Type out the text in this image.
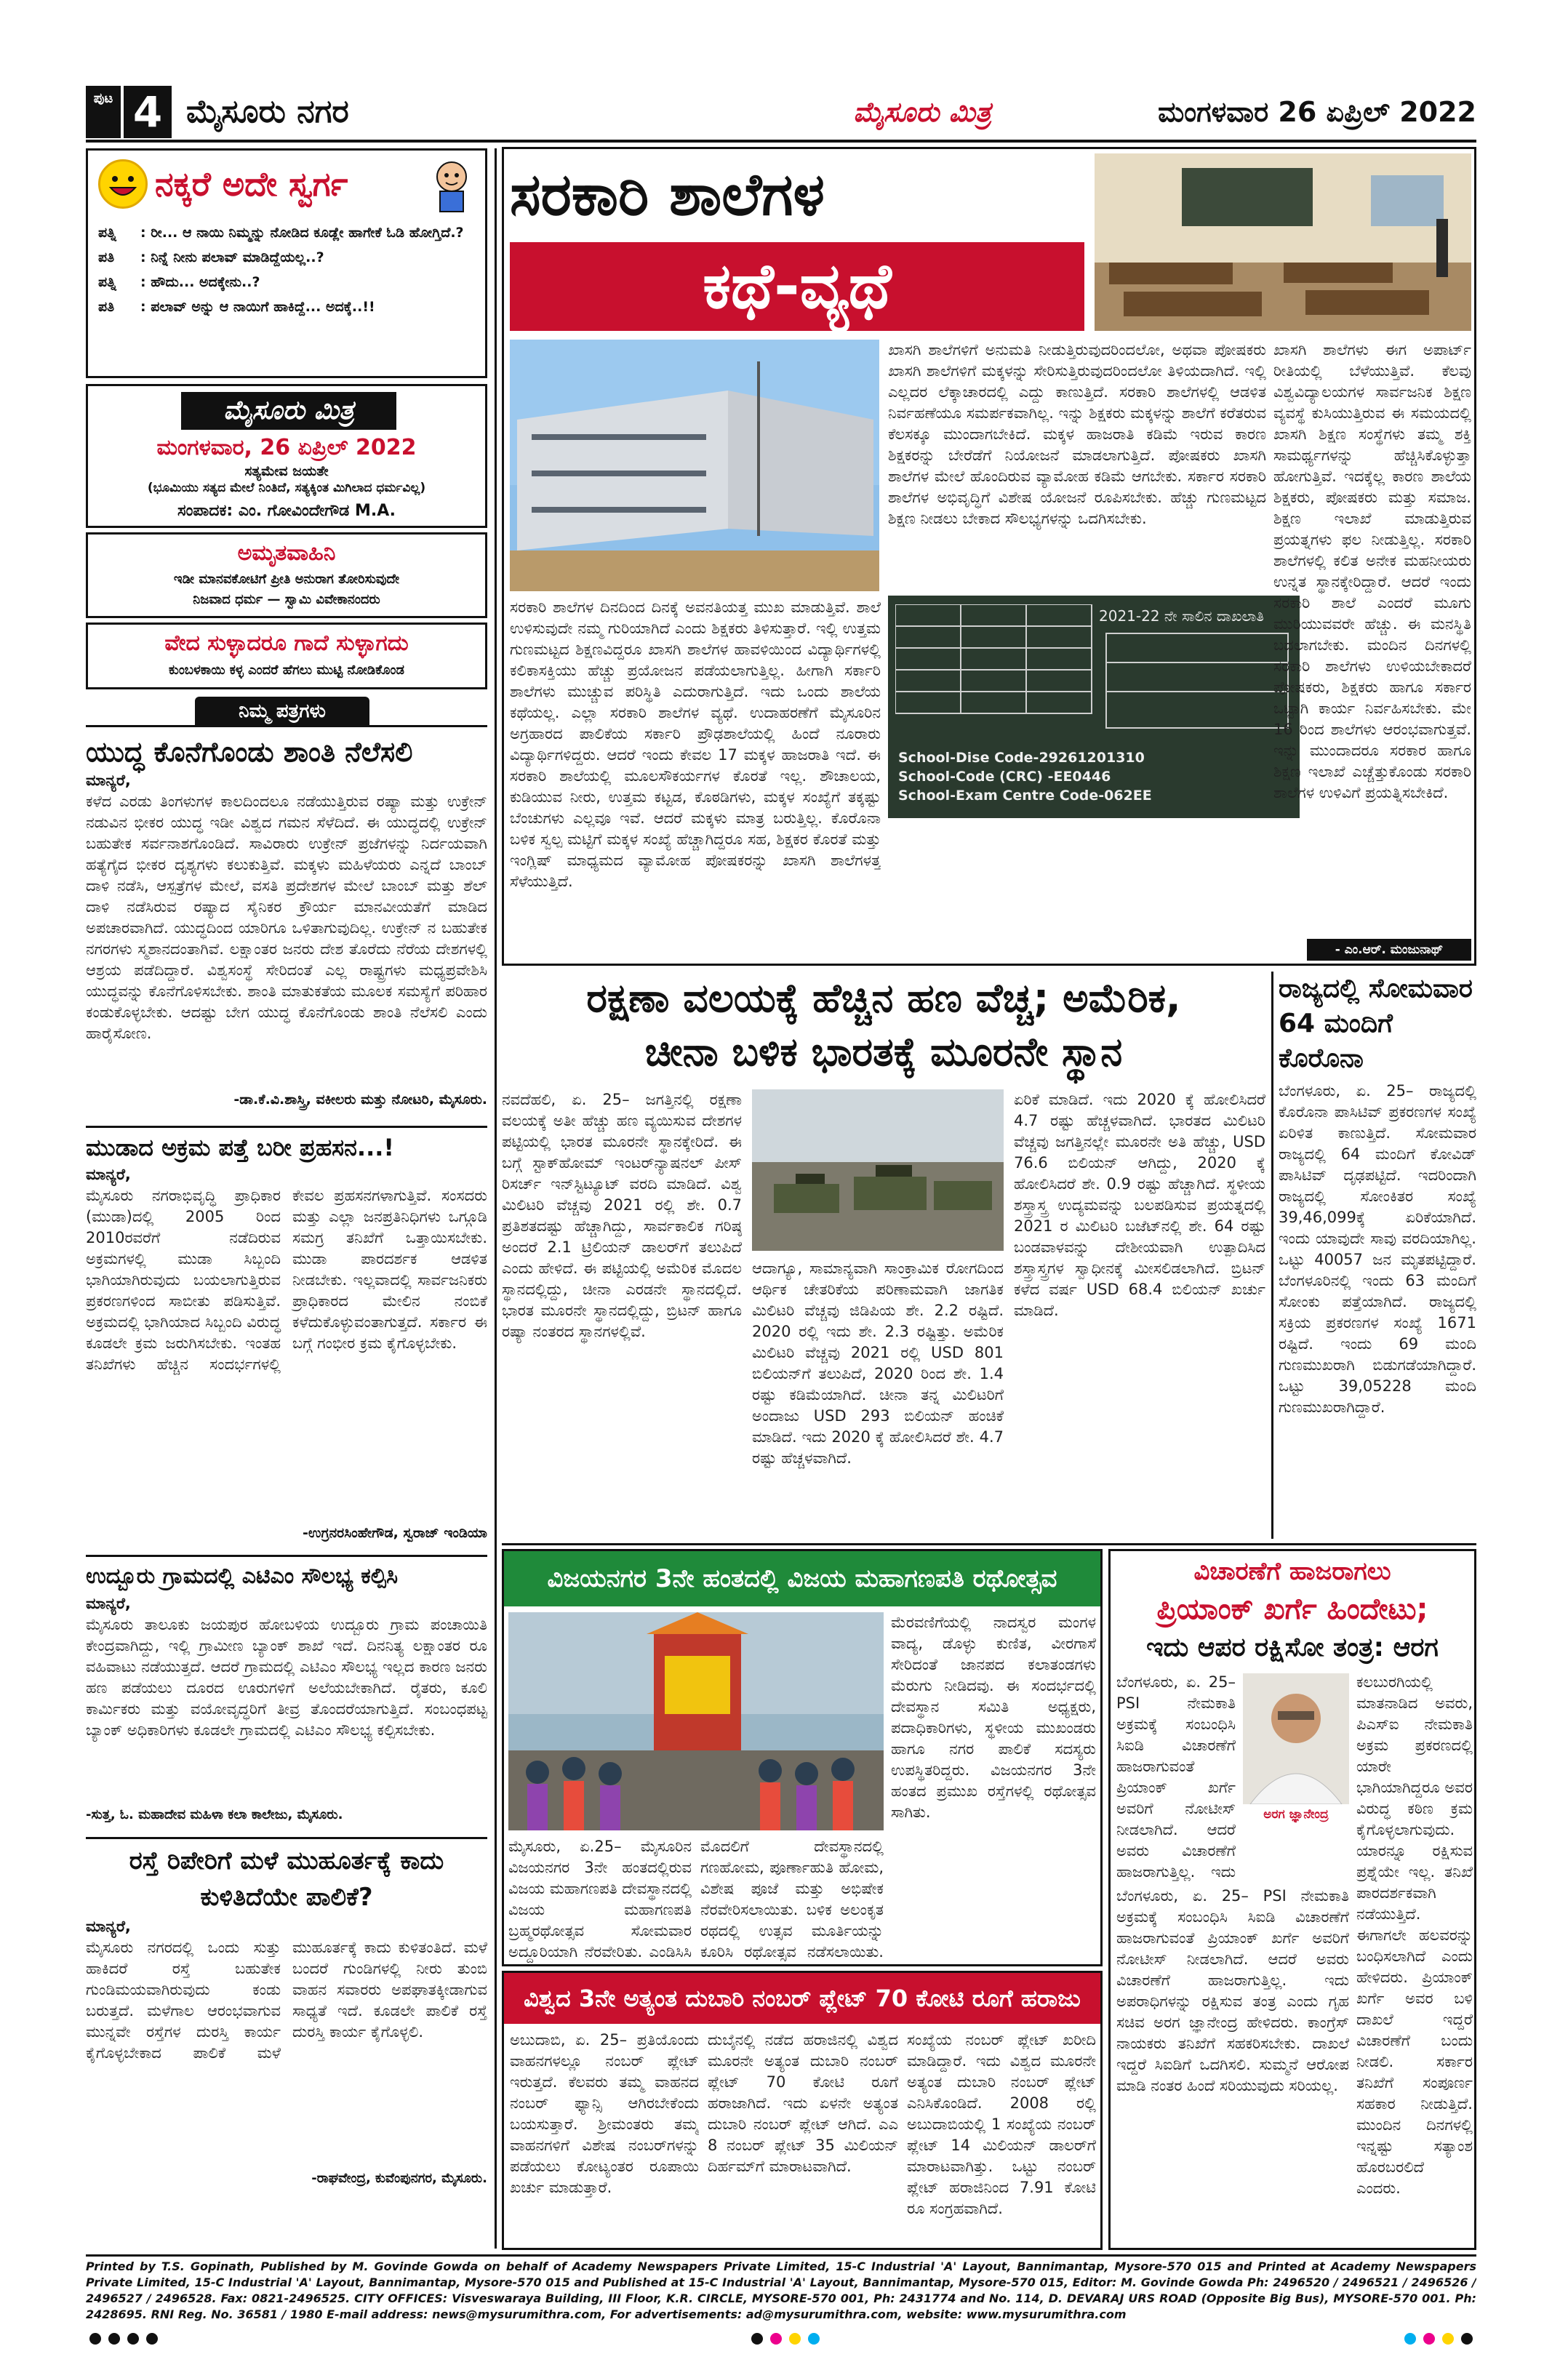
ಪುಟ 4 ಮೈಸೂರು ನಗರ	ಮೈಸೂರು ಮಿತ್ರ	ಮಂಗಳವಾರ 26 ಏಪ್ರಿಲ್ 2022
ನಕ್ಕರೆ ಅದೇ ಸ್ವರ್ಗ
ಪತ್ನಿ : ರೀ... ಆ ನಾಯಿ ನಿಮ್ಮನ್ನು ನೋಡಿದ ಕೂಡ್ಲೇ ಹಾಗೇಕೆ ಓಡಿ ಹೋಗ್ತಿದೆ.?
ಪತಿ : ನಿನ್ನೆ ನೀನು ಪಲಾವ್ ಮಾಡಿದ್ದೆಯಲ್ಲ..?
ಪತ್ನಿ : ಹೌದು... ಅದಕ್ಕೇನು..?
ಪತಿ : ಪಲಾವ್ ಅನ್ನು ಆ ನಾಯಿಗೆ ಹಾಕಿದ್ದೆ... ಅದಕ್ಕೆ..!!
ಮೈಸೂರು ಮಿತ್ರ
ಮಂಗಳವಾರ, 26 ಏಪ್ರಿಲ್ 2022
ಸತ್ಯಮೇವ ಜಯತೇ
(ಭೂಮಿಯು ಸತ್ಯದ ಮೇಲೆ ನಿಂತಿದೆ, ಸತ್ಯಕ್ಕಿಂತ ಮಿಗಿಲಾದ ಧರ್ಮವಿಲ್ಲ)
ಸಂಪಾದಕ: ಎಂ. ಗೋವಿಂದೇಗೌಡ M.A.
ಅಮೃತವಾಹಿನಿ
ಇಡೀ ಮಾನವಕೋಟಿಗೆ ಪ್ರೀತಿ ಅನುರಾಗ ತೋರಿಸುವುದೇ
ನಿಜವಾದ ಧರ್ಮ — ಸ್ವಾಮಿ ವಿವೇಕಾನಂದರು
ವೇದ ಸುಳ್ಳಾದರೂ ಗಾದೆ ಸುಳ್ಳಾಗದು
ಕುಂಬಳಕಾಯಿ ಕಳ್ಳ ಎಂದರೆ ಹೆಗಲು ಮುಟ್ಟಿ ನೋಡಿಕೊಂಡ
ನಿಮ್ಮ ಪತ್ರಗಳು
ಯುದ್ಧ ಕೊನೆಗೊಂಡು ಶಾಂತಿ ನೆಲೆಸಲಿ
ಮಾನ್ಯರೆ,
ಕಳೆದ ಎರಡು ತಿಂಗಳುಗಳ ಕಾಲದಿಂದಲೂ ನಡೆಯುತ್ತಿರುವ ರಷ್ಯಾ ಮತ್ತು ಉಕ್ರೇನ್ ನಡುವಿನ ಭೀಕರ ಯುದ್ಧ ಇಡೀ ವಿಶ್ವದ ಗಮನ ಸೆಳೆದಿದೆ. ಈ ಯುದ್ಧದಲ್ಲಿ ಉಕ್ರೇನ್ ಬಹುತೇಕ ಸರ್ವನಾಶಗೊಂಡಿದೆ. ಸಾವಿರಾರು ಉಕ್ರೇನ್ ಪ್ರಜೆಗಳನ್ನು ನಿರ್ದಯವಾಗಿ ಹತ್ಯೆಗೈದ ಭೀಕರ ದೃಶ್ಯಗಳು ಕಲುಕುತ್ತಿವೆ. ಮಕ್ಕಳು ಮಹಿಳೆಯರು ಎನ್ನದೆ ಬಾಂಬ್ ದಾಳಿ ನಡೆಸಿ, ಆಸ್ಪತ್ರೆಗಳ ಮೇಲೆ, ವಸತಿ ಪ್ರದೇಶಗಳ ಮೇಲೆ ಬಾಂಬ್ ಮತ್ತು ಶೆಲ್ ದಾಳಿ ನಡೆಸಿರುವ ರಷ್ಯಾದ ಸೈನಿಕರ ಕ್ರೌರ್ಯ ಮಾನವೀಯತೆಗೆ ಮಾಡಿದ ಅಪಚಾರವಾಗಿದೆ. ಯುದ್ಧದಿಂದ ಯಾರಿಗೂ ಒಳಿತಾಗುವುದಿಲ್ಲ. ಉಕ್ರೇನ್ ನ ಬಹುತೇಕ ನಗರಗಳು ಸ್ಮಶಾನದಂತಾಗಿವೆ. ಲಕ್ಷಾಂತರ ಜನರು ದೇಶ ತೊರೆದು ನೆರೆಯ ದೇಶಗಳಲ್ಲಿ ಆಶ್ರಯ ಪಡೆದಿದ್ದಾರೆ. ವಿಶ್ವಸಂಸ್ಥೆ ಸೇರಿದಂತೆ ಎಲ್ಲ ರಾಷ್ಟ್ರಗಳು ಮಧ್ಯಪ್ರವೇಶಿಸಿ ಯುದ್ಧವನ್ನು ಕೊನೆಗೊಳಿಸಬೇಕು. ಶಾಂತಿ ಮಾತುಕತೆಯ ಮೂಲಕ ಸಮಸ್ಯೆಗೆ ಪರಿಹಾರ ಕಂಡುಕೊಳ್ಳಬೇಕು. ಆದಷ್ಟು ಬೇಗ ಯುದ್ಧ ಕೊನೆಗೊಂಡು ಶಾಂತಿ ನೆಲೆಸಲಿ ಎಂದು ಹಾರೈಸೋಣ.
-ಡಾ.ಕೆ.ವಿ.ಶಾಸ್ತ್ರಿ, ವಕೀಲರು ಮತ್ತು ನೋಟರಿ, ಮೈಸೂರು.
ಮುಡಾದ ಅಕ್ರಮ ಪತ್ತೆ ಬರೀ ಪ್ರಹಸನ...!
ಮಾನ್ಯರೆ,
ಮೈಸೂರು ನಗರಾಭಿವೃದ್ಧಿ ಪ್ರಾಧಿಕಾರ (ಮುಡಾ)ದಲ್ಲಿ 2005 ರಿಂದ 2010ರವರೆಗೆ ನಡೆದಿರುವ ಅಕ್ರಮಗಳಲ್ಲಿ ಮುಡಾ ಸಿಬ್ಬಂದಿ ಭಾಗಿಯಾಗಿರುವುದು ಬಯಲಾಗುತ್ತಿರುವ ಪ್ರಕರಣಗಳಿಂದ ಸಾಬೀತು ಪಡಿಸುತ್ತಿವೆ. ಅಕ್ರಮದಲ್ಲಿ ಭಾಗಿಯಾದ ಸಿಬ್ಬಂದಿ ವಿರುದ್ಧ ಕೂಡಲೇ ಕ್ರಮ ಜರುಗಿಸಬೇಕು. ಇಂತಹ ತನಿಖೆಗಳು ಹೆಚ್ಚಿನ ಸಂದರ್ಭಗಳಲ್ಲಿ ಕೇವಲ ಪ್ರಹಸನಗಳಾಗುತ್ತಿವೆ. ಸಂಸದರು ಮತ್ತು ಎಲ್ಲಾ ಜನಪ್ರತಿನಿಧಿಗಳು ಒಗ್ಗೂಡಿ ಸಮಗ್ರ ತನಿಖೆಗೆ ಒತ್ತಾಯಿಸಬೇಕು. ಮುಡಾ ಪಾರದರ್ಶಕ ಆಡಳಿತ ನೀಡಬೇಕು. ಇಲ್ಲವಾದಲ್ಲಿ ಸಾರ್ವಜನಿಕರು ಪ್ರಾಧಿಕಾರದ ಮೇಲಿನ ನಂಬಿಕೆ ಕಳೆದುಕೊಳ್ಳುವಂತಾಗುತ್ತದೆ. ಸರ್ಕಾರ ಈ ಬಗ್ಗೆ ಗಂಭೀರ ಕ್ರಮ ಕೈಗೊಳ್ಳಬೇಕು.
-ಉಗ್ರನರಸಿಂಹೇಗೌಡ, ಸ್ವರಾಜ್ ಇಂಡಿಯಾ
ಉದ್ಬೂರು ಗ್ರಾಮದಲ್ಲಿ ಎಟಿಎಂ ಸೌಲಭ್ಯ ಕಲ್ಪಿಸಿ
ಮಾನ್ಯರೆ,
ಮೈಸೂರು ತಾಲೂಕು ಜಯಪುರ ಹೋಬಳಿಯ ಉದ್ಬೂರು ಗ್ರಾಮ ಪಂಚಾಯಿತಿ ಕೇಂದ್ರವಾಗಿದ್ದು, ಇಲ್ಲಿ ಗ್ರಾಮೀಣ ಬ್ಯಾಂಕ್ ಶಾಖೆ ಇದೆ. ದಿನನಿತ್ಯ ಲಕ್ಷಾಂತರ ರೂ ವಹಿವಾಟು ನಡೆಯುತ್ತದೆ. ಆದರೆ ಗ್ರಾಮದಲ್ಲಿ ಎಟಿಎಂ ಸೌಲಭ್ಯ ಇಲ್ಲದ ಕಾರಣ ಜನರು ಹಣ ಪಡೆಯಲು ದೂರದ ಊರುಗಳಿಗೆ ಅಲೆಯಬೇಕಾಗಿದೆ. ರೈತರು, ಕೂಲಿ ಕಾರ್ಮಿಕರು ಮತ್ತು ವಯೋವೃದ್ಧರಿಗೆ ತೀವ್ರ ತೊಂದರೆಯಾಗುತ್ತಿದೆ. ಸಂಬಂಧಪಟ್ಟ ಬ್ಯಾಂಕ್ ಅಧಿಕಾರಿಗಳು ಕೂಡಲೇ ಗ್ರಾಮದಲ್ಲಿ ಎಟಿಎಂ ಸೌಲಭ್ಯ ಕಲ್ಪಿಸಬೇಕು.
-ಸುತ್ತ, ಓ. ಮಹಾದೇವ ಮಹಿಳಾ ಕಲಾ ಕಾಲೇಜು, ಮೈಸೂರು.
ರಸ್ತೆ ರಿಪೇರಿಗೆ ಮಳೆ ಮುಹೂರ್ತಕ್ಕೆ ಕಾದು ಕುಳಿತಿದೆಯೇ ಪಾಲಿಕೆ?
ಮಾನ್ಯರೆ,
ಮೈಸೂರು ನಗರದಲ್ಲಿ ಒಂದು ಸುತ್ತು ಹಾಕಿದರೆ ರಸ್ತೆ ಬಹುತೇಕ ಗುಂಡಿಮಯವಾಗಿರುವುದು ಕಂಡು ಬರುತ್ತದೆ. ಮಳೆಗಾಲ ಆರಂಭವಾಗುವ ಮುನ್ನವೇ ರಸ್ತೆಗಳ ದುರಸ್ತಿ ಕಾರ್ಯ ಕೈಗೊಳ್ಳಬೇಕಾದ ಪಾಲಿಕೆ ಮಳೆ ಮುಹೂರ್ತಕ್ಕೆ ಕಾದು ಕುಳಿತಂತಿದೆ. ಮಳೆ ಬಂದರೆ ಗುಂಡಿಗಳಲ್ಲಿ ನೀರು ತುಂಬಿ ವಾಹನ ಸವಾರರು ಅಪಘಾತಕ್ಕೀಡಾಗುವ ಸಾಧ್ಯತೆ ಇದೆ. ಕೂಡಲೇ ಪಾಲಿಕೆ ರಸ್ತೆ ದುರಸ್ತಿ ಕಾರ್ಯ ಕೈಗೊಳ್ಳಲಿ.
-ರಾಘವೇಂದ್ರ, ಕುವೆಂಪುನಗರ, ಮೈಸೂರು.
ಸರಕಾರಿ ಶಾಲೆಗಳ
ಕಥೆ-ವ್ಯಥೆ
2021-22 ನೇ ಸಾಲಿನ ದಾಖಲಾತಿ
School-Dise Code-29261201310
School-Code (CRC) -EE0446
School-Exam Centre Code-062EE
ಸರಕಾರಿ ಶಾಲೆಗಳ ದಿನದಿಂದ ದಿನಕ್ಕೆ ಅವನತಿಯತ್ತ ಮುಖ ಮಾಡುತ್ತಿವೆ. ಶಾಲೆ ಉಳಿಸುವುದೇ ನಮ್ಮ ಗುರಿಯಾಗಿದೆ ಎಂದು ಶಿಕ್ಷಕರು ತಿಳಿಸುತ್ತಾರೆ. ಇಲ್ಲಿ ಉತ್ತಮ ಗುಣಮಟ್ಟದ ಶಿಕ್ಷಣವಿದ್ದರೂ ಖಾಸಗಿ ಶಾಲೆಗಳ ಹಾವಳಿಯಿಂದ ವಿದ್ಯಾರ್ಥಿಗಳಲ್ಲಿ ಕಲಿಕಾಸಕ್ತಿಯು ಹೆಚ್ಚು ಪ್ರಯೋಜನ ಪಡೆಯಲಾಗುತ್ತಿಲ್ಲ. ಹೀಗಾಗಿ ಸರ್ಕಾರಿ ಶಾಲೆಗಳು ಮುಚ್ಚುವ ಪರಿಸ್ಥಿತಿ ಎದುರಾಗುತ್ತಿದೆ. ಇದು ಒಂದು ಶಾಲೆಯ ಕಥೆಯಲ್ಲ. ಎಲ್ಲಾ ಸರಕಾರಿ ಶಾಲೆಗಳ ವ್ಯಥೆ. ಉದಾಹರಣೆಗೆ ಮೈಸೂರಿನ ಅಗ್ರಹಾರದ ಪಾಲಿಕೆಯ ಸರ್ಕಾರಿ ಪ್ರೌಢಶಾಲೆಯಲ್ಲಿ ಹಿಂದೆ ನೂರಾರು ವಿದ್ಯಾರ್ಥಿಗಳಿದ್ದರು. ಆದರೆ ಇಂದು ಕೇವಲ 17 ಮಕ್ಕಳ ಹಾಜರಾತಿ ಇದೆ. ಈ ಸರಕಾರಿ ಶಾಲೆಯಲ್ಲಿ ಮೂಲಸೌಕರ್ಯಗಳ ಕೊರತೆ ಇಲ್ಲ. ಶೌಚಾಲಯ, ಕುಡಿಯುವ ನೀರು, ಉತ್ತಮ ಕಟ್ಟಡ, ಕೊಠಡಿಗಳು, ಮಕ್ಕಳ ಸಂಖ್ಯೆಗೆ ತಕ್ಕಷ್ಟು ಬೆಂಚುಗಳು ಎಲ್ಲವೂ ಇವೆ. ಆದರೆ ಮಕ್ಕಳು ಮಾತ್ರ ಬರುತ್ತಿಲ್ಲ. ಕೊರೊನಾ ಬಳಿಕ ಸ್ವಲ್ಪ ಮಟ್ಟಿಗೆ ಮಕ್ಕಳ ಸಂಖ್ಯೆ ಹೆಚ್ಚಾಗಿದ್ದರೂ ಸಹ, ಶಿಕ್ಷಕರ ಕೊರತೆ ಮತ್ತು ಇಂಗ್ಲಿಷ್ ಮಾಧ್ಯಮದ ವ್ಯಾಮೋಹ ಪೋಷಕರನ್ನು ಖಾಸಗಿ ಶಾಲೆಗಳತ್ತ ಸೆಳೆಯುತ್ತಿದೆ.
ಖಾಸಗಿ ಶಾಲೆಗಳಿಗೆ ಅನುಮತಿ ನೀಡುತ್ತಿರುವುದರಿಂದಲೋ, ಅಥವಾ ಪೋಷಕರು ಖಾಸಗಿ ಶಾಲೆಗಳಿಗೆ ಮಕ್ಕಳನ್ನು ಸೇರಿಸುತ್ತಿರುವುದರಿಂದಲೋ ತಿಳಿಯದಾಗಿದೆ. ಇಲ್ಲಿ ಎಲ್ಲದರ ಲೆಕ್ಕಾಚಾರದಲ್ಲಿ ಎದ್ದು ಕಾಣುತ್ತಿದೆ. ಸರಕಾರಿ ಶಾಲೆಗಳಲ್ಲಿ ಆಡಳಿತ ನಿರ್ವಹಣೆಯೂ ಸಮರ್ಪಕವಾಗಿಲ್ಲ. ಇನ್ನು ಶಿಕ್ಷಕರು ಮಕ್ಕಳನ್ನು ಶಾಲೆಗೆ ಕರೆತರುವ ಕೆಲಸಕ್ಕೂ ಮುಂದಾಗಬೇಕಿದೆ. ಮಕ್ಕಳ ಹಾಜರಾತಿ ಕಡಿಮೆ ಇರುವ ಕಾರಣ ಶಿಕ್ಷಕರನ್ನು ಬೇರೆಡೆಗೆ ನಿಯೋಜನೆ ಮಾಡಲಾಗುತ್ತಿದೆ. ಪೋಷಕರು ಖಾಸಗಿ ಶಾಲೆಗಳ ಮೇಲೆ ಹೊಂದಿರುವ ವ್ಯಾಮೋಹ ಕಡಿಮೆ ಆಗಬೇಕು. ಸರ್ಕಾರ ಸರಕಾರಿ ಶಾಲೆಗಳ ಅಭಿವೃದ್ಧಿಗೆ ವಿಶೇಷ ಯೋಜನೆ ರೂಪಿಸಬೇಕು. ಹೆಚ್ಚು ಗುಣಮಟ್ಟದ ಶಿಕ್ಷಣ ನೀಡಲು ಬೇಕಾದ ಸೌಲಭ್ಯಗಳನ್ನು ಒದಗಿಸಬೇಕು.
ಖಾಸಗಿ ಶಾಲೆಗಳು ಈಗ ಅಪಾರ್ಟ್ ರೀತಿಯಲ್ಲಿ ಬೆಳೆಯುತ್ತಿವೆ. ಕೆಲವು ವಿಶ್ವವಿದ್ಯಾಲಯಗಳ ಸಾರ್ವಜನಿಕ ಶಿಕ್ಷಣ ವ್ಯವಸ್ಥೆ ಕುಸಿಯುತ್ತಿರುವ ಈ ಸಮಯದಲ್ಲಿ ಖಾಸಗಿ ಶಿಕ್ಷಣ ಸಂಸ್ಥೆಗಳು ತಮ್ಮ ಶಕ್ತಿ ಸಾಮರ್ಥ್ಯಗಳನ್ನು ಹೆಚ್ಚಿಸಿಕೊಳ್ಳುತ್ತಾ ಹೋಗುತ್ತಿವೆ. ಇದಕ್ಕೆಲ್ಲ ಕಾರಣ ಶಾಲೆಯ ಶಿಕ್ಷಕರು, ಪೋಷಕರು ಮತ್ತು ಸಮಾಜ. ಶಿಕ್ಷಣ ಇಲಾಖೆ ಮಾಡುತ್ತಿರುವ ಪ್ರಯತ್ನಗಳು ಫಲ ನೀಡುತ್ತಿಲ್ಲ. ಸರಕಾರಿ ಶಾಲೆಗಳಲ್ಲಿ ಕಲಿತ ಅನೇಕ ಮಹನೀಯರು ಉನ್ನತ ಸ್ಥಾನಕ್ಕೇರಿದ್ದಾರೆ. ಆದರೆ ಇಂದು ಸರಕಾರಿ ಶಾಲೆ ಎಂದರೆ ಮೂಗು ಮುರಿಯುವವರೇ ಹೆಚ್ಚು. ಈ ಮನಸ್ಥಿತಿ ಬದಲಾಗಬೇಕು. ಮಂದಿನ ದಿನಗಳಲ್ಲಿ ಸರಕಾರಿ ಶಾಲೆಗಳು ಉಳಿಯಬೇಕಾದರೆ ಪೋಷಕರು, ಶಿಕ್ಷಕರು ಹಾಗೂ ಸರ್ಕಾರ ಒಟ್ಟಾಗಿ ಕಾರ್ಯ ನಿರ್ವಹಿಸಬೇಕು. ಮೇ 16 ರಿಂದ ಶಾಲೆಗಳು ಆರಂಭವಾಗುತ್ತವೆ. ಇನ್ನು ಮುಂದಾದರೂ ಸರಕಾರ ಹಾಗೂ ಶಿಕ್ಷಣ ಇಲಾಖೆ ಎಚ್ಚೆತ್ತುಕೊಂಡು ಸರಕಾರಿ ಶಾಲೆಗಳ ಉಳಿವಿಗೆ ಪ್ರಯತ್ನಿಸಬೇಕಿದೆ.
- ಎಂ.ಆರ್. ಮಂಜುನಾಥ್
ರಕ್ಷಣಾ ವಲಯಕ್ಕೆ ಹೆಚ್ಚಿನ ಹಣ ವೆಚ್ಚ; ಅಮೆರಿಕ,
ಚೀನಾ ಬಳಿಕ ಭಾರತಕ್ಕೆ ಮೂರನೇ ಸ್ಥಾನ
ನವದೆಹಲಿ, ಏ. 25– ಜಗತ್ತಿನಲ್ಲಿ ರಕ್ಷಣಾ ವಲಯಕ್ಕೆ ಅತೀ ಹೆಚ್ಚು ಹಣ ವ್ಯಯಿಸುವ ದೇಶಗಳ ಪಟ್ಟಿಯಲ್ಲಿ ಭಾರತ ಮೂರನೇ ಸ್ಥಾನಕ್ಕೇರಿದೆ. ಈ ಬಗ್ಗೆ ಸ್ಟಾಕ್‌ಹೋಮ್ ಇಂಟರ್‌ನ್ಯಾಷನಲ್ ಪೀಸ್ ರಿಸರ್ಚ್ ಇನ್‌ಸ್ಟಿಟ್ಯೂಟ್ ವರದಿ ಮಾಡಿದೆ. ವಿಶ್ವ ಮಿಲಿಟರಿ ವೆಚ್ಚವು 2021 ರಲ್ಲಿ ಶೇ. 0.7 ಪ್ರತಿಶತದಷ್ಟು ಹೆಚ್ಚಾಗಿದ್ದು, ಸಾರ್ವಕಾಲಿಕ ಗರಿಷ್ಠ ಅಂದರೆ 2.1 ಟ್ರಿಲಿಯನ್ ಡಾಲರ್‌ಗೆ ತಲುಪಿದೆ ಎಂದು ಹೇಳಿದೆ. ಈ ಪಟ್ಟಿಯಲ್ಲಿ ಅಮೆರಿಕ ಮೊದಲ ಸ್ಥಾನದಲ್ಲಿದ್ದು, ಚೀನಾ ಎರಡನೇ ಸ್ಥಾನದಲ್ಲಿದೆ. ಭಾರತ ಮೂರನೇ ಸ್ಥಾನದಲ್ಲಿದ್ದು, ಬ್ರಿಟನ್ ಹಾಗೂ ರಷ್ಯಾ ನಂತರದ ಸ್ಥಾನಗಳಲ್ಲಿವೆ.
ಆದಾಗ್ಯೂ, ಸಾಮಾನ್ಯವಾಗಿ ಸಾಂಕ್ರಾಮಿಕ ರೋಗದಿಂದ ಆರ್ಥಿಕ ಚೇತರಿಕೆಯ ಪರಿಣಾಮವಾಗಿ ಜಾಗತಿಕ ಮಿಲಿಟರಿ ವೆಚ್ಚವು ಜಿಡಿಪಿಯ ಶೇ. 2.2 ರಷ್ಟಿದೆ. 2020 ರಲ್ಲಿ ಇದು ಶೇ. 2.3 ರಷ್ಟಿತ್ತು. ಅಮೆರಿಕ ಮಿಲಿಟರಿ ವೆಚ್ಚವು 2021 ರಲ್ಲಿ USD 801 ಬಿಲಿಯನ್‌ಗೆ ತಲುಪಿದೆ, 2020 ರಿಂದ ಶೇ. 1.4 ರಷ್ಟು ಕಡಿಮೆಯಾಗಿದೆ. ಚೀನಾ ತನ್ನ ಮಿಲಿಟರಿಗೆ ಅಂದಾಜು USD 293 ಬಿಲಿಯನ್ ಹಂಚಿಕೆ ಮಾಡಿದೆ. ಇದು 2020 ಕ್ಕೆ ಹೋಲಿಸಿದರೆ ಶೇ. 4.7 ರಷ್ಟು ಹೆಚ್ಚಳವಾಗಿದೆ.
ಏರಿಕೆ ಮಾಡಿದೆ. ಇದು 2020 ಕ್ಕೆ ಹೋಲಿಸಿದರೆ 4.7 ರಷ್ಟು ಹೆಚ್ಚಳವಾಗಿದೆ. ಭಾರತದ ಮಿಲಿಟರಿ ವೆಚ್ಚವು ಜಗತ್ತಿನಲ್ಲೇ ಮೂರನೇ ಅತಿ ಹೆಚ್ಚು, USD 76.6 ಬಿಲಿಯನ್ ಆಗಿದ್ದು, 2020 ಕ್ಕೆ ಹೋಲಿಸಿದರೆ ಶೇ. 0.9 ರಷ್ಟು ಹೆಚ್ಚಾಗಿದೆ. ಸ್ಥಳೀಯ ಶಸ್ತ್ರಾಸ್ತ್ರ ಉದ್ಯಮವನ್ನು ಬಲಪಡಿಸುವ ಪ್ರಯತ್ನದಲ್ಲಿ 2021 ರ ಮಿಲಿಟರಿ ಬಜೆಟ್‌ನಲ್ಲಿ ಶೇ. 64 ರಷ್ಟು ಬಂಡವಾಳವನ್ನು ದೇಶೀಯವಾಗಿ ಉತ್ಪಾದಿಸಿದ ಶಸ್ತ್ರಾಸ್ತ್ರಗಳ ಸ್ವಾಧೀನಕ್ಕೆ ಮೀಸಲಿಡಲಾಗಿದೆ. ಬ್ರಿಟನ್ ಕಳೆದ ವರ್ಷ USD 68.4 ಬಿಲಿಯನ್ ಖರ್ಚು ಮಾಡಿದೆ.
ರಾಜ್ಯದಲ್ಲಿ ಸೋಮವಾರ 64 ಮಂದಿಗೆ ಕೊರೊನಾ
ಬೆಂಗಳೂರು, ಏ. 25– ರಾಜ್ಯದಲ್ಲಿ ಕೊರೊನಾ ಪಾಸಿಟಿವ್ ಪ್ರಕರಣಗಳ ಸಂಖ್ಯೆ ಏರಿಳಿತ ಕಾಣುತ್ತಿದೆ. ಸೋಮವಾರ ರಾಜ್ಯದಲ್ಲಿ 64 ಮಂದಿಗೆ ಕೋವಿಡ್ ಪಾಸಿಟಿವ್ ದೃಢಪಟ್ಟಿದೆ. ಇದರಿಂದಾಗಿ ರಾಜ್ಯದಲ್ಲಿ ಸೋಂಕಿತರ ಸಂಖ್ಯೆ 39,46,099ಕ್ಕೆ ಏರಿಕೆಯಾಗಿದೆ. ಇಂದು ಯಾವುದೇ ಸಾವು ವರದಿಯಾಗಿಲ್ಲ. ಒಟ್ಟು 40057 ಜನ ಮೃತಪಟ್ಟಿದ್ದಾರೆ. ಬೆಂಗಳೂರಿನಲ್ಲಿ ಇಂದು 63 ಮಂದಿಗೆ ಸೋಂಕು ಪತ್ತೆಯಾಗಿದೆ. ರಾಜ್ಯದಲ್ಲಿ ಸಕ್ರಿಯ ಪ್ರಕರಣಗಳ ಸಂಖ್ಯೆ 1671 ರಷ್ಟಿದೆ. ಇಂದು 69 ಮಂದಿ ಗುಣಮುಖರಾಗಿ ಬಿಡುಗಡೆಯಾಗಿದ್ದಾರೆ. ಒಟ್ಟು 39,05228 ಮಂದಿ ಗುಣಮುಖರಾಗಿದ್ದಾರೆ.
ವಿಜಯನಗರ 3ನೇ ಹಂತದಲ್ಲಿ ವಿಜಯ ಮಹಾಗಣಪತಿ ರಥೋತ್ಸವ
ಮೈಸೂರು, ಏ.25– ಮೈಸೂರಿನ ವಿಜಯನಗರ 3ನೇ ಹಂತದಲ್ಲಿರುವ ವಿಜಯ ಮಹಾಗಣಪತಿ ದೇವಸ್ಥಾನದಲ್ಲಿ ವಿಜಯ ಮಹಾಗಣಪತಿ ಬ್ರಹ್ಮರಥೋತ್ಸವ ಸೋಮವಾರ ಅದ್ದೂರಿಯಾಗಿ ನೆರವೇರಿತು. ಎಂಡಿಸಿಸಿ
ಮೊದಲಿಗೆ ದೇವಸ್ಥಾನದಲ್ಲಿ ಗಣಹೋಮ, ಪೂರ್ಣಾಹುತಿ ಹೋಮ, ವಿಶೇಷ ಪೂಜೆ ಮತ್ತು ಅಭಿಷೇಕ ನೆರವೇರಿಸಲಾಯಿತು. ಬಳಿಕ ಅಲಂಕೃತ ರಥದಲ್ಲಿ ಉತ್ಸವ ಮೂರ್ತಿಯನ್ನು ಕೂರಿಸಿ ರಥೋತ್ಸವ ನಡೆಸಲಾಯಿತು.
ಮೆರವಣಿಗೆಯಲ್ಲಿ ನಾದಸ್ವರ ಮಂಗಳ ವಾದ್ಯ, ಡೊಳ್ಳು ಕುಣಿತ, ವೀರಗಾಸೆ ಸೇರಿದಂತೆ ಜಾನಪದ ಕಲಾತಂಡಗಳು ಮೆರುಗು ನೀಡಿದವು. ಈ ಸಂದರ್ಭದಲ್ಲಿ ದೇವಸ್ಥಾನ ಸಮಿತಿ ಅಧ್ಯಕ್ಷರು, ಪದಾಧಿಕಾರಿಗಳು, ಸ್ಥಳೀಯ ಮುಖಂಡರು ಹಾಗೂ ನಗರ ಪಾಲಿಕೆ ಸದಸ್ಯರು ಉಪಸ್ಥಿತರಿದ್ದರು. ವಿಜಯನಗರ 3ನೇ ಹಂತದ ಪ್ರಮುಖ ರಸ್ತೆಗಳಲ್ಲಿ ರಥೋತ್ಸವ ಸಾಗಿತು.
ವಿಶ್ವದ 3ನೇ ಅತ್ಯಂತ ದುಬಾರಿ ನಂಬರ್ ಪ್ಲೇಟ್ 70 ಕೋಟಿ ರೂಗೆ ಹರಾಜು
ಅಬುದಾಬಿ, ಏ. 25– ಪ್ರತಿಯೊಂದು ವಾಹನಗಳಲ್ಲೂ ನಂಬರ್ ಪ್ಲೇಟ್ ಇರುತ್ತದೆ. ಕೆಲವರು ತಮ್ಮ ವಾಹನದ ನಂಬರ್ ಫ್ಯಾನ್ಸಿ ಆಗಿರಬೇಕೆಂದು ಬಯಸುತ್ತಾರೆ. ಶ್ರೀಮಂತರು ತಮ್ಮ ವಾಹನಗಳಿಗೆ ವಿಶೇಷ ನಂಬರ್‌ಗಳನ್ನು ಪಡೆಯಲು ಕೋಟ್ಯಂತರ ರೂಪಾಯಿ ಖರ್ಚು ಮಾಡುತ್ತಾರೆ.
ದುಬೈನಲ್ಲಿ ನಡೆದ ಹರಾಜಿನಲ್ಲಿ ವಿಶ್ವದ ಮೂರನೇ ಅತ್ಯಂತ ದುಬಾರಿ ನಂಬರ್ ಪ್ಲೇಟ್ 70 ಕೋಟಿ ರೂಗೆ ಹರಾಜಾಗಿದೆ. ಇದು ಏಳನೇ ಅತ್ಯಂತ ದುಬಾರಿ ನಂಬರ್ ಪ್ಲೇಟ್ ಆಗಿದೆ. ಎಎ 8 ನಂಬರ್ ಪ್ಲೇಟ್ 35 ಮಿಲಿಯನ್ ದಿರ್ಹಮ್‌ಗೆ ಮಾರಾಟವಾಗಿದೆ.
ಸಂಖ್ಯೆಯ ನಂಬರ್ ಪ್ಲೇಟ್ ಖರೀದಿ ಮಾಡಿದ್ದಾರೆ. ಇದು ವಿಶ್ವದ ಮೂರನೇ ಅತ್ಯಂತ ದುಬಾರಿ ನಂಬರ್ ಪ್ಲೇಟ್ ಎನಿಸಿಕೊಂಡಿದೆ. 2008 ರಲ್ಲಿ ಅಬುದಾಬಿಯಲ್ಲಿ 1 ಸಂಖ್ಯೆಯ ನಂಬರ್ ಪ್ಲೇಟ್ 14 ಮಿಲಿಯನ್ ಡಾಲರ್‌ಗೆ ಮಾರಾಟವಾಗಿತ್ತು. ಒಟ್ಟು ನಂಬರ್ ಪ್ಲೇಟ್ ಹರಾಜಿನಿಂದ 7.91 ಕೋಟಿ ರೂ ಸಂಗ್ರಹವಾಗಿದೆ.
ವಿಚಾರಣೆಗೆ ಹಾಜರಾಗಲು
ಪ್ರಿಯಾಂಕ್ ಖರ್ಗೆ ಹಿಂದೇಟು;
ಇದು ಆಪರ ರಕ್ಷಿಸೋ ತಂತ್ರ: ಆರಗ
ಬೆಂಗಳೂರು, ಏ. 25– PSI ನೇಮಕಾತಿ ಅಕ್ರಮಕ್ಕೆ ಸಂಬಂಧಿಸಿ ಸಿಐಡಿ ವಿಚಾರಣೆಗೆ ಹಾಜರಾಗುವಂತೆ ಪ್ರಿಯಾಂಕ್ ಖರ್ಗೆ ಅವರಿಗೆ ನೋಟೀಸ್ ನೀಡಲಾಗಿದೆ. ಆದರೆ ಅವರು ವಿಚಾರಣೆಗೆ ಹಾಜರಾಗುತ್ತಿಲ್ಲ. ಇದು
ಅರಗ ಜ್ಞಾನೇಂದ್ರ
ಕಲಬುರಗಿಯಲ್ಲಿ ಮಾತನಾಡಿದ ಅವರು, ಪಿಎಸ್‌ಐ ನೇಮಕಾತಿ ಅಕ್ರಮ ಪ್ರಕರಣದಲ್ಲಿ ಯಾರೇ ಭಾಗಿಯಾಗಿದ್ದರೂ ಅವರ ವಿರುದ್ಧ ಕಠಿಣ ಕ್ರಮ ಕೈಗೊಳ್ಳಲಾಗುವುದು. ಯಾರನ್ನೂ ರಕ್ಷಿಸುವ ಪ್ರಶ್ನೆಯೇ ಇಲ್ಲ. ತನಿಖೆ ಪಾರದರ್ಶಕವಾಗಿ ನಡೆಯುತ್ತಿದೆ. ಈಗಾಗಲೇ ಹಲವರನ್ನು ಬಂಧಿಸಲಾಗಿದೆ ಎಂದು ಹೇಳಿದರು. ಪ್ರಿಯಾಂಕ್ ಖರ್ಗೆ ಅವರ ಬಳಿ ದಾಖಲೆ ಇದ್ದರೆ ವಿಚಾರಣೆಗೆ ಬಂದು ನೀಡಲಿ. ಸರ್ಕಾರ ತನಿಖೆಗೆ ಸಂಪೂರ್ಣ ಸಹಕಾರ ನೀಡುತ್ತಿದೆ. ಮುಂದಿನ ದಿನಗಳಲ್ಲಿ ಇನ್ನಷ್ಟು ಸತ್ಯಾಂಶ ಹೊರಬರಲಿದೆ ಎಂದರು.
ಬೆಂಗಳೂರು, ಏ. 25– PSI ನೇಮಕಾತಿ ಅಕ್ರಮಕ್ಕೆ ಸಂಬಂಧಿಸಿ ಸಿಐಡಿ ವಿಚಾರಣೆಗೆ ಹಾಜರಾಗುವಂತೆ ಪ್ರಿಯಾಂಕ್ ಖರ್ಗೆ ಅವರಿಗೆ ನೋಟೀಸ್ ನೀಡಲಾಗಿದೆ. ಆದರೆ ಅವರು ವಿಚಾರಣೆಗೆ ಹಾಜರಾಗುತ್ತಿಲ್ಲ. ಇದು ಅಪರಾಧಿಗಳನ್ನು ರಕ್ಷಿಸುವ ತಂತ್ರ ಎಂದು ಗೃಹ ಸಚಿವ ಅರಗ ಜ್ಞಾನೇಂದ್ರ ಹೇಳಿದರು. ಕಾಂಗ್ರೆಸ್ ನಾಯಕರು ತನಿಖೆಗೆ ಸಹಕರಿಸಬೇಕು. ದಾಖಲೆ ಇದ್ದರೆ ಸಿಐಡಿಗೆ ಒದಗಿಸಲಿ. ಸುಮ್ಮನೆ ಆರೋಪ ಮಾಡಿ ನಂತರ ಹಿಂದೆ ಸರಿಯುವುದು ಸರಿಯಲ್ಲ.
Printed by T.S. Gopinath, Published by M. Govinde Gowda on behalf of Academy Newspapers Private Limited, 15-C Industrial 'A' Layout, Bannimantap, Mysore-570 015 and Printed at Academy Newspapers Private Limited, 15-C Industrial 'A' Layout, Bannimantap, Mysore-570 015 and Published at 15-C Industrial 'A' Layout, Bannimantap, Mysore-570 015, Editor: M. Govinde Gowda Ph: 2496520 / 2496521 / 2496526 / 2496527 / 2496528. Fax: 0821-2496525. CITY OFFICES: Visveswaraya Building, III Floor, K.R. CIRCLE, MYSORE-570 001, Ph: 2431774 and No. 114, D. DEVARAJ URS ROAD (Opposite Big Bus), MYSORE-570 001. Ph: 2428695. RNI Reg. No. 36581 / 1980 E-mail address: news@mysurumithra.com, For advertisements: ad@mysurumithra.com, website: www.mysurumithra.com
